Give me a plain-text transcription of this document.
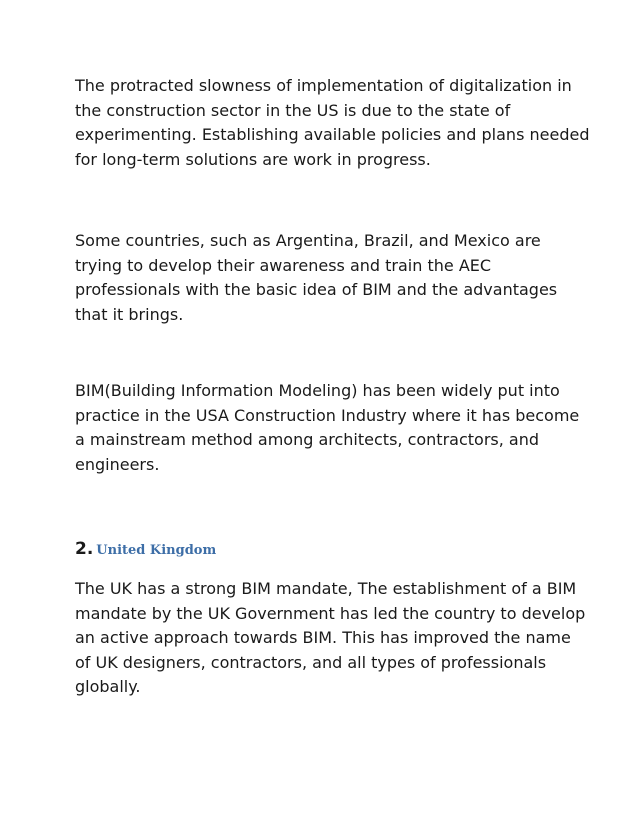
The protracted slowness of implementation of digitalization in
the construction sector in the US is due to the state of
experimenting. Establishing available policies and plans needed
for long-term solutions are work in progress.

Some countries, such as Argentina, Brazil, and Mexico are
trying to develop their awareness and train the AEC
professionals with the basic idea of BIM and the advantages
that it brings.

BIM(Building Information Modeling) has been widely put into
practice in the USA Construction Industry where it has become
a mainstream method among architects, contractors, and
engineers.

2. United Kingdom

The UK has a strong BIM mandate, The establishment of a BIM
mandate by the UK Government has led the country to develop
an active approach towards BIM. This has improved the name
of UK designers, contractors, and all types of professionals
globally.
